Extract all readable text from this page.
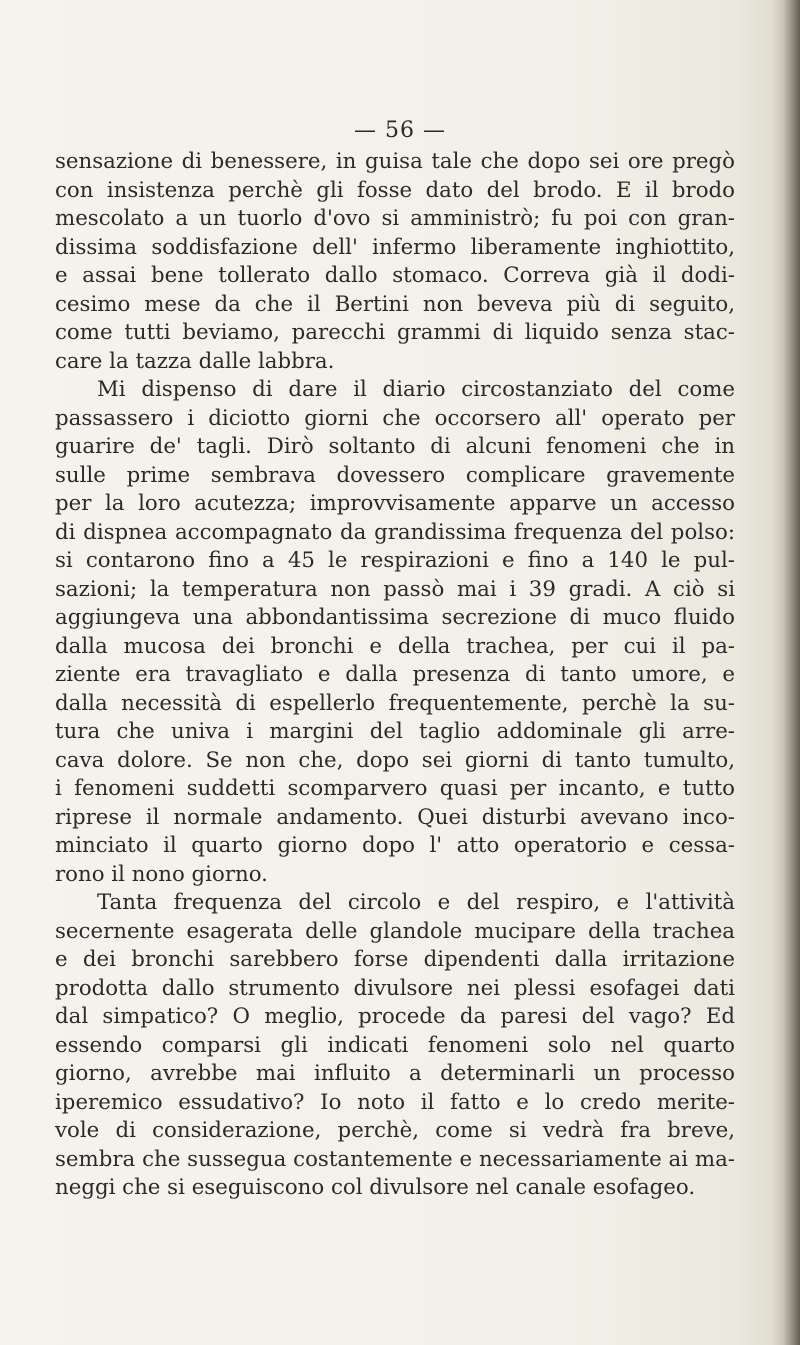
— 56 —

sensazione di benessere, in guisa tale che dopo sei ore pregò
con insistenza perchè gli fosse dato del brodo. E il brodo
mescolato a un tuorlo d'ovo si amministrò; fu poi con gran-
dissima soddisfazione dell' infermo liberamente inghiottito,
e assai bene tollerato dallo stomaco. Correva già il dodi-
cesimo mese da che il Bertini non beveva più di seguito,
come tutti beviamo, parecchi grammi di liquido senza stac-
care la tazza dalle labbra.
Mi dispenso di dare il diario circostanziato del come
passassero i diciotto giorni che occorsero all' operato per
guarire de' tagli. Dirò soltanto di alcuni fenomeni che in
sulle prime sembrava dovessero complicare gravemente
per la loro acutezza; improvvisamente apparve un accesso
di dispnea accompagnato da grandissima frequenza del polso:
si contarono fino a 45 le respirazioni e fino a 140 le pul-
sazioni; la temperatura non passò mai i 39 gradi. A ciò si
aggiungeva una abbondantissima secrezione di muco fluido
dalla mucosa dei bronchi e della trachea, per cui il pa-
ziente era travagliato e dalla presenza di tanto umore, e
dalla necessità di espellerlo frequentemente, perchè la su-
tura che univa i margini del taglio addominale gli arre-
cava dolore. Se non che, dopo sei giorni di tanto tumulto,
i fenomeni suddetti scomparvero quasi per incanto, e tutto
riprese il normale andamento. Quei disturbi avevano inco-
minciato il quarto giorno dopo l' atto operatorio e cessa-
rono il nono giorno.
Tanta frequenza del circolo e del respiro, e l'attività
secernente esagerata delle glandole mucipare della trachea
e dei bronchi sarebbero forse dipendenti dalla irritazione
prodotta dallo strumento divulsore nei plessi esofagei dati
dal simpatico? O meglio, procede da paresi del vago? Ed
essendo comparsi gli indicati fenomeni solo nel quarto
giorno, avrebbe mai influito a determinarli un processo
iperemico essudativo? Io noto il fatto e lo credo merite-
vole di considerazione, perchè, come si vedrà fra breve,
sembra che sussegua costantemente e necessariamente ai ma-
neggi che si eseguiscono col divulsore nel canale esofageo.
